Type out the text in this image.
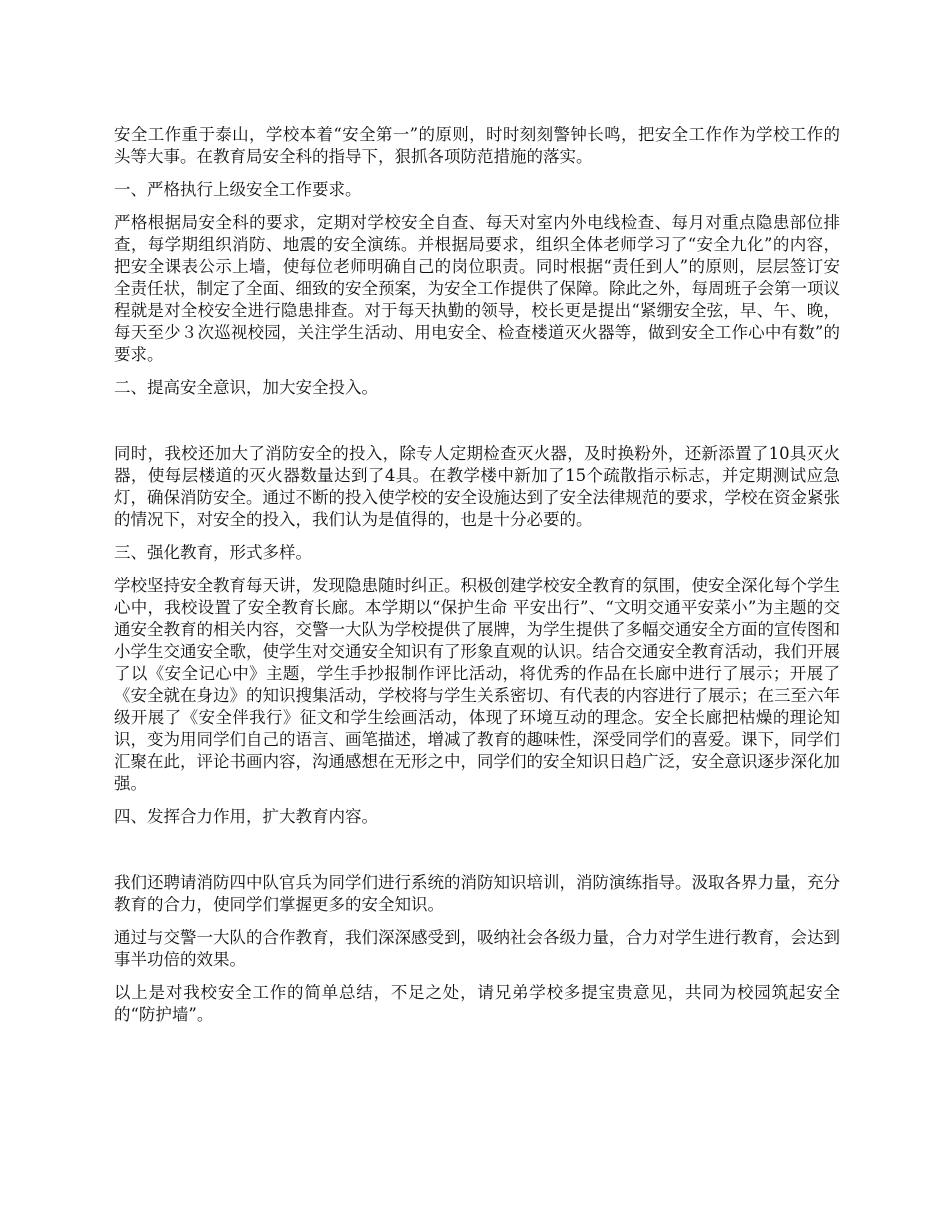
安全工作重于泰山，学校本着“安全第一”的原则，时时刻刻警钟长鸣，把安全工作作为学校工作的头等大事。在教育局安全科的指导下，狠抓各项防范措施的落实。

一、严格执行上级安全工作要求。

严格根据局安全科的要求，定期对学校安全自查、每天对室内外电线检查、每月对重点隐患部位排查，每学期组织消防、地震的安全演练。并根据局要求，组织全体老师学习了“安全九化”的内容，把安全课表公示上墙，使每位老师明确自己的岗位职责。同时根据“责任到人”的原则，层层签订安全责任状，制定了全面、细致的安全预案，为安全工作提供了保障。除此之外，每周班子会第一项议程就是对全校安全进行隐患排查。对于每天执勤的领导，校长更是提出“紧绷安全弦，早、午、晚，每天至少３次巡视校园，关注学生活动、用电安全、检查楼道灭火器等，做到安全工作心中有数”的要求。

二、提高安全意识，加大安全投入。

同时，我校还加大了消防安全的投入，除专人定期检查灭火器，及时换粉外，还新添置了10具灭火器，使每层楼道的灭火器数量达到了4具。在教学楼中新加了15个疏散指示标志，并定期测试应急灯，确保消防安全。通过不断的投入使学校的安全设施达到了安全法律规范的要求，学校在资金紧张的情况下，对安全的投入，我们认为是值得的，也是十分必要的。

三、强化教育，形式多样。

学校坚持安全教育每天讲，发现隐患随时纠正。积极创建学校安全教育的氛围，使安全深化每个学生心中，我校设置了安全教育长廊。本学期以“保护生命 平安出行”、“文明交通平安菜小”为主题的交通安全教育的相关内容，交警一大队为学校提供了展牌，为学生提供了多幅交通安全方面的宣传图和小学生交通安全歌，使学生对交通安全知识有了形象直观的认识。结合交通安全教育活动，我们开展了以《安全记心中》主题，学生手抄报制作评比活动，将优秀的作品在长廊中进行了展示；开展了《安全就在身边》的知识搜集活动，学校将与学生关系密切、有代表的内容进行了展示；在三至六年级开展了《安全伴我行》征文和学生绘画活动，体现了环境互动的理念。安全长廊把枯燥的理论知识，变为用同学们自己的语言、画笔描述，增减了教育的趣味性，深受同学们的喜爱。课下，同学们汇聚在此，评论书画内容，沟通感想在无形之中，同学们的安全知识日趋广泛，安全意识逐步深化加强。

四、发挥合力作用，扩大教育内容。

我们还聘请消防四中队官兵为同学们进行系统的消防知识培训，消防演练指导。汲取各界力量，充分教育的合力，使同学们掌握更多的安全知识。

通过与交警一大队的合作教育，我们深深感受到，吸纳社会各级力量，合力对学生进行教育，会达到事半功倍的效果。

以上是对我校安全工作的简单总结，不足之处，请兄弟学校多提宝贵意见，共同为校园筑起安全的“防护墙”。
